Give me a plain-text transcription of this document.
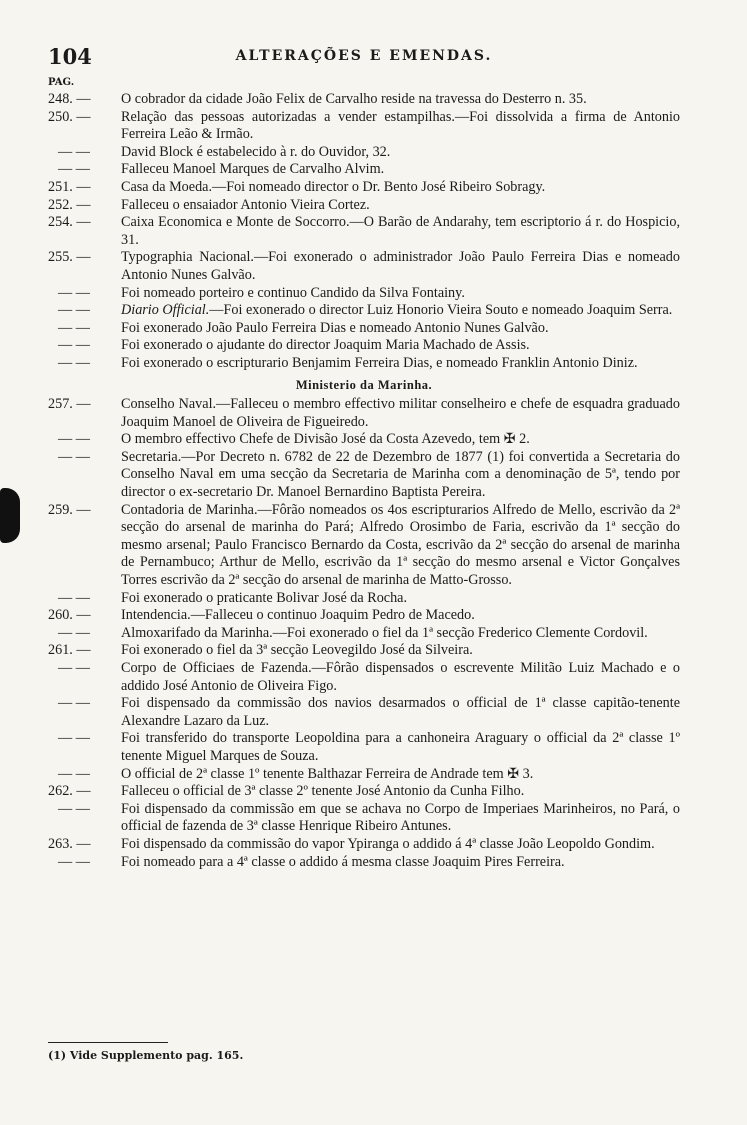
104	ALTERAÇÕES E EMENDAS.
PAG.
248. —	O cobrador da cidade João Felix de Carvalho reside na travessa do Desterro n. 35.
250. —	Relação das pessoas autorizadas a vender estampilhas.—Foi dissolvida a firma de Antonio Ferreira Leão & Irmão.
— —	David Block é estabelecido à r. do Ouvidor, 32.
— —	Falleceu Manoel Marques de Carvalho Alvim.
251. —	Casa da Moeda.—Foi nomeado director o Dr. Bento José Ribeiro Sobragy.
252. —	Falleceu o ensaiador Antonio Vieira Cortez.
254. —	Caixa Economica e Monte de Soccorro.—O Barão de Andarahy, tem escriptorio á r. do Hospicio, 31.
255. —	Typographia Nacional.—Foi exonerado o administrador João Paulo Ferreira Dias e nomeado Antonio Nunes Galvão.
— —	Foi nomeado porteiro e continuo Candido da Silva Fontainy.
— —	Diario Official.—Foi exonerado o director Luiz Honorio Vieira Souto e nomeado Joaquim Serra.
— —	Foi exonerado João Paulo Ferreira Dias e nomeado Antonio Nunes Galvão.
— —	Foi exonerado o ajudante do director Joaquim Maria Machado de Assis.
— —	Foi exonerado o escripturario Benjamim Ferreira Dias, e nomeado Franklin Antonio Diniz.
Ministerio da Marinha.
257. —	Conselho Naval.—Falleceu o membro effectivo militar conselheiro e chefe de esquadra graduado Joaquim Manoel de Oliveira de Figueiredo.
— —	O membro effectivo Chefe de Divisão José da Costa Azevedo, tem ✠ 2.
— —	Secretaria.—Por Decreto n. 6782 de 22 de Dezembro de 1877 (1) foi convertida a Secretaria do Conselho Naval em uma secção da Secretaria de Marinha com a denominação de 5ª, tendo por director o ex-secretario Dr. Manoel Bernardino Baptista Pereira.
259. —	Contadoria de Marinha.—Fôrão nomeados os 4os escripturarios Alfredo de Mello, escrivão da 2ª secção do arsenal de marinha do Pará; Alfredo Orosimbo de Faria, escrivão da 1ª secção do mesmo arsenal; Paulo Francisco Bernardo da Costa, escrivão da 2ª secção do arsenal de marinha de Pernambuco; Arthur de Mello, escrivão da 1ª secção do mesmo arsenal e Victor Gonçalves Torres escrivão da 2ª secção do arsenal de marinha de Matto-Grosso.
— —	Foi exonerado o praticante Bolivar José da Rocha.
260. —	Intendencia.—Falleceu o continuo Joaquim Pedro de Macedo.
— —	Almoxarifado da Marinha.—Foi exonerado o fiel da 1ª secção Frederico Clemente Cordovil.
261. —	Foi exonerado o fiel da 3ª secção Leovegildo José da Silveira.
— —	Corpo de Officiaes de Fazenda.—Fôrão dispensados o escrevente Militão Luiz Machado e o addido José Antonio de Oliveira Figo.
— —	Foi dispensado da commissão dos navios desarmados o official de 1ª classe capitão-tenente Alexandre Lazaro da Luz.
— —	Foi transferido do transporte Leopoldina para a canhoneira Araguary o official da 2ª classe 1º tenente Miguel Marques de Souza.
— —	O official de 2ª classe 1º tenente Balthazar Ferreira de Andrade tem ✠ 3.
262. —	Falleceu o official de 3ª classe 2º tenente José Antonio da Cunha Filho.
— —	Foi dispensado da commissão em que se achava no Corpo de Imperiaes Marinheiros, no Pará, o official de fazenda de 3ª classe Henrique Ribeiro Antunes.
263. —	Foi dispensado da commissão do vapor Ypiranga o addido á 4ª classe João Leopoldo Gondim.
— —	Foi nomeado para a 4ª classe o addido á mesma classe Joaquim Pires Ferreira.
(1) Vide Supplemento pag. 165.
